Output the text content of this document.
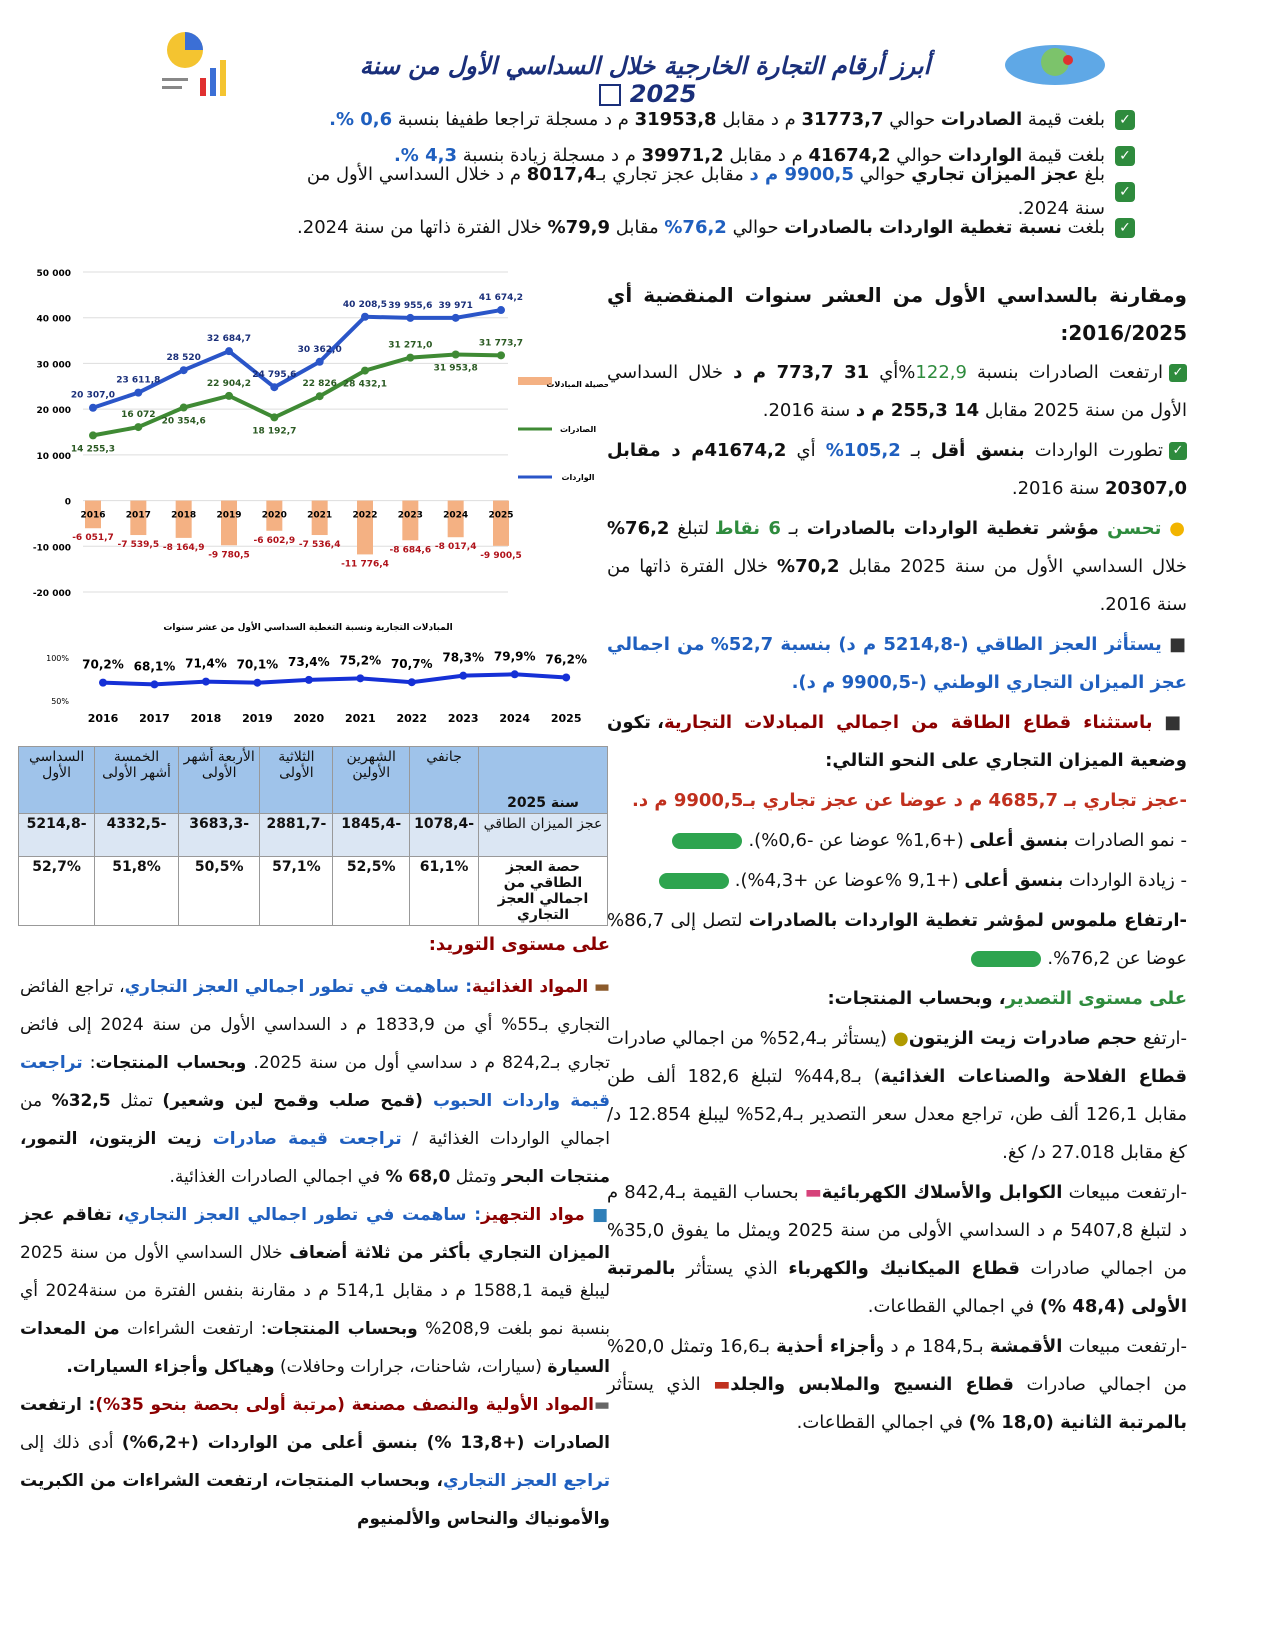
أبرز أرقام التجارة الخارجية خلال السداسي الأول من سنة 2025
✓
بلغت قيمة الصادرات حوالي 31773,7 م د مقابل 31953,8 م د مسجلة تراجعا طفيفا بنسبة 0,6 %.
✓
بلغت قيمة الواردات حوالي 41674,2 م د مقابل 39971,2 م د مسجلة زيادة بنسبة 4,3 %.
✓
بلغ عجز الميزان تجاري حوالي 9900,5 م د مقابل عجز تجاري بـ8017,4 م د خلال السداسي الأول من سنة 2024.
✓
بلغت نسبة تغطية الواردات بالصادرات حوالي 76,2% مقابل 79,9% خلال الفترة ذاتها من سنة 2024.

ومقارنة بالسداسي الأول من العشر سنوات المنقضية أي 2016/2025:

✓ارتفعت الصادرات بنسبة 122,9%أي 31 773,7 م د خلال السداسي الأول من سنة 2025 مقابل 14 255,3 م د سنة 2016.

✓تطورت الواردات بنسق أقل بـ 105,2% أي 41674,2م د مقابل 20307,0 سنة 2016.

● تحسن مؤشر تغطية الواردات بالصادرات بـ 6 نقاط لتبلغ 76,2% خلال السداسي الأول من سنة 2025 مقابل 70,2% خلال الفترة ذاتها من سنة 2016.

■ يستأثر العجز الطاقي (-5214,8 م د) بنسبة 52,7% من اجمالي عجز الميزان التجاري الوطني (-9900,5 م د).

■ باستثناء قطاع الطاقة من اجمالي المبادلات التجارية، تكون وضعية الميزان التجاري على النحو التالي:

-عجز تجاري بـ 4685,7 م د عوضا عن عجز تجاري بـ9900,5 م د.

- نمو الصادرات بنسق أعلى (+1,6% عوضا عن -0,6%).

- زيادة الواردات بنسق أعلى (+9,1 %عوضا عن +4,3%).

-ارتفاع ملموس لمؤشر تغطية الواردات بالصادرات لتصل إلى 86,7% عوضا عن 76,2%.

على مستوى التصدير، وبحساب المنتجات:

-ارتفع حجم صادرات زيت الزيتون● (يستأثر بـ52,4% من اجمالي صادرات قطاع الفلاحة والصناعات الغذائية) بـ44,8% لتبلغ 182,6 ألف طن مقابل 126,1 ألف طن، تراجع معدل سعر التصدير بـ52,4% ليبلغ 12.854 د/ كغ مقابل 27.018 د/ كغ.

-ارتفعت مبيعات الكوابل والأسلاك الكهربائية▬ بحساب القيمة بـ842,4 م د لتبلغ 5407,8 م د السداسي الأولى من سنة 2025 ويمثل ما يفوق 35,0% من اجمالي صادرات قطاع الميكانيك والكهرباء الذي يستأثر بالمرتبة الأولى (48,4 %) في اجمالي القطاعات.

-ارتفعت مبيعات الأقمشة بـ184,5 م د وأجزاء أحذية بـ16,6 وتمثل 20,0% من اجمالي صادرات قطاع النسيج والملابس والجلد▬ الذي يستأثر بالمرتبة الثانية (18,0 %) في اجمالي القطاعات.

50 000
40 000
30 000
20 000
10 000
0
-10 000
-20 000
2016
-6 051,7
2017
-7 539,5
2018
-8 164,9
2019
-9 780,5
2020
-6 602,9
2021
-7 536,4
2022
-11 776,4
2023
-8 684,6
2024
-8 017,4
2025
-9 900,5
20 307,0
23 611,8
28 520
32 684,7
24 795,6
30 362,0
40 208,5 39 955,6 39 971
41 674,2
14 255,3
16 072
20 354,6
22 904,2
18 192,7
22 826 28 432,1
31 271,0
31 953,8
31 773,7
حصيلة المبادلات
الصادرات
الواردات
المبادلات التجارية ونسبة التغطية السداسي الأول من عشر سنوات
100%
50%
70,2%
2016
68,1%
2017
71,4%
2018
70,1%
2019
73,4%
2020
75,2%
2021
70,7%
2022
78,3%
2023
79,9%
2024
76,2%
2025
سنة 2025	جانفي	الشهرين الأولين	الثلاثية الأولى	الأربعة أشهر الأولى	الخمسة أشهر الأولى	السداسي الأول
عجز الميزان الطاقي	-1078,4	-1845,4	-2881,7	-3683,3	-4332,5	-5214,8
حصة العجز الطاقي من اجمالي العجز التجاري	61,1%	52,5%	57,1%	50,5%	51,8%	52,7%
على مستوى التوريد:

▬ المواد الغذائية: ساهمت في تطور اجمالي العجز التجاري، تراجع الفائض التجاري بـ55% أي من 1833,9 م د السداسي الأول من سنة 2024 إلى فائض تجاري بـ824,2 م د سداسي أول من سنة 2025. وبحساب المنتجات: تراجعت قيمة واردات الحبوب (قمح صلب وقمح لين وشعير) تمثل 32,5% من اجمالي الواردات الغذائية / تراجعت قيمة صادرات زيت الزيتون، التمور، منتجات البحر وتمثل 68,0 % في اجمالي الصادرات الغذائية.

■ مواد التجهيز: ساهمت في تطور اجمالي العجز التجاري، تفاقم عجز الميزان التجاري بأكثر من ثلاثة أضعاف خلال السداسي الأول من سنة 2025 ليبلغ قيمة 1588,1 م د مقابل 514,1 م د مقارنة بنفس الفترة من سنة2024 أي بنسبة نمو بلغت 208,9% وبحساب المنتجات: ارتفعت الشراءات من المعدات السيارة (سيارات، شاحنات، جرارات وحافلات) وهياكل وأجزاء السيارات.

▬المواد الأولية والنصف مصنعة (مرتبة أولى بحصة بنحو 35%): ارتفعت الصادرات (+13,8 %) بنسق أعلى من الواردات (+6,2%) أدى ذلك إلى تراجع العجز التجاري، وبحساب المنتجات، ارتفعت الشراءات من الكبريت والأمونياك والنحاس والألمنيوم
